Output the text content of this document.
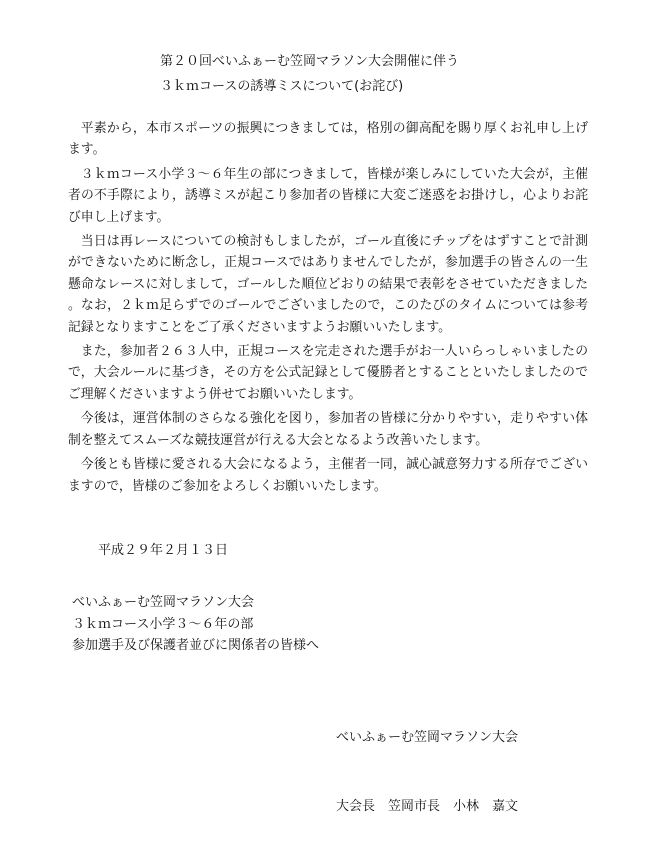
第２０回べいふぁーむ笠岡マラソン大会開催に伴う
３ｋｍコースの誘導ミスについて(お詫び)

平素から，本市スポーツの振興につきましては，格別の御高配を賜り厚くお礼申し上げます。

３ｋｍコース小学３～６年生の部につきまして，皆様が楽しみにしていた大会が，主催者の不手際により，誘導ミスが起こり参加者の皆様に大変ご迷惑をお掛けし，心よりお詫び申し上げます。

当日は再レースについての検討もしましたが，ゴール直後にチップをはずすことで計測ができないために断念し，正規コースではありませんでしたが，参加選手の皆さんの一生懸命なレースに対しまして，ゴールした順位どおりの結果で表彰をさせていただきました。なお，２ｋｍ足らずでのゴールでございましたので，このたびのタイムについては参考記録となりますことをご了承くださいますようお願いいたします。

また，参加者２６３人中，正規コースを完走された選手がお一人いらっしゃいましたので，大会ルールに基づき，その方を公式記録として優勝者とすることといたしましたのでご理解くださいますよう併せてお願いいたします。

今後は，運営体制のさらなる強化を図り，参加者の皆様に分かりやすい，走りやすい体制を整えてスムーズな競技運営が行える大会となるよう改善いたします。

今後とも皆様に愛される大会になるよう，主催者一同，誠心誠意努力する所存でございますので，皆様のご参加をよろしくお願いいたします。

平成２９年２月１３日
べいふぁーむ笠岡マラソン大会
３ｋｍコース小学３～６年の部
参加選手及び保護者並びに関係者の皆様へ

べいふぁーむ笠岡マラソン大会

大会長　笠岡市長　小林　嘉文
